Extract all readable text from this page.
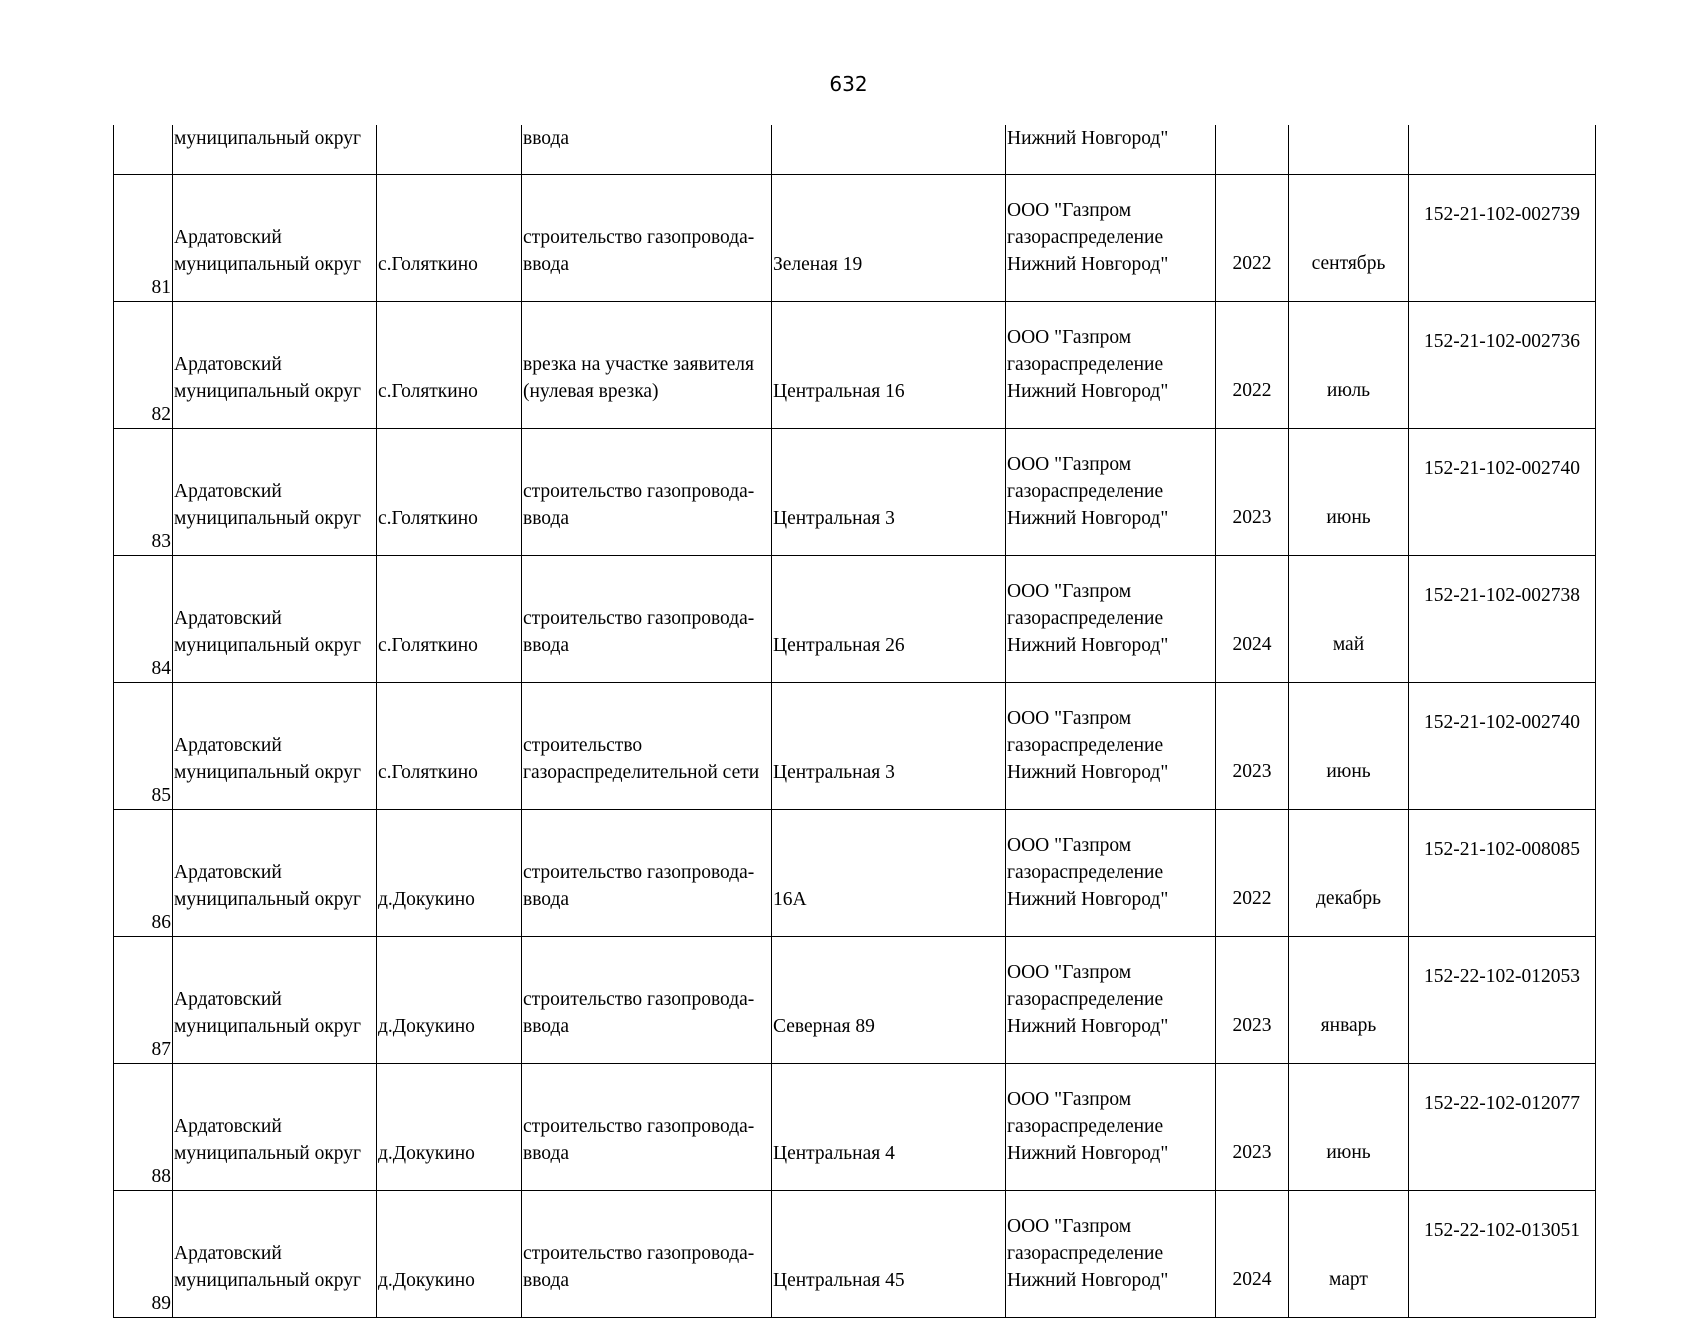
632

	муниципальный округ		ввода		Нижний Новгород"			

81	Ардатовский
муниципальный округ	с.Голяткино	строительство газопровода-
ввода	Зеленая 19	ООО "Газпром
газораспределение
Нижний Новгород"	2022	сентябрь	152-21-102-002739

82	Ардатовский
муниципальный округ	с.Голяткино	врезка на участке заявителя
(нулевая врезка)	Центральная 16	ООО "Газпром
газораспределение
Нижний Новгород"	2022	июль	152-21-102-002736

83	Ардатовский
муниципальный округ	с.Голяткино	строительство газопровода-
ввода	Центральная 3	ООО "Газпром
газораспределение
Нижний Новгород"	2023	июнь	152-21-102-002740

84	Ардатовский
муниципальный округ	с.Голяткино	строительство газопровода-
ввода	Центральная 26	ООО "Газпром
газораспределение
Нижний Новгород"	2024	май	152-21-102-002738

85	Ардатовский
муниципальный округ	с.Голяткино	строительство
газораспределительной сети	Центральная 3	ООО "Газпром
газораспределение
Нижний Новгород"	2023	июнь	152-21-102-002740

86	Ардатовский
муниципальный округ	д.Докукино	строительство газопровода-
ввода	16А	ООО "Газпром
газораспределение
Нижний Новгород"	2022	декабрь	152-21-102-008085

87	Ардатовский
муниципальный округ	д.Докукино	строительство газопровода-
ввода	Северная 89	ООО "Газпром
газораспределение
Нижний Новгород"	2023	январь	152-22-102-012053

88	Ардатовский
муниципальный округ	д.Докукино	строительство газопровода-
ввода	Центральная 4	ООО "Газпром
газораспределение
Нижний Новгород"	2023	июнь	152-22-102-012077

89	Ардатовский
муниципальный округ	д.Докукино	строительство газопровода-
ввода	Центральная 45	ООО "Газпром
газораспределение
Нижний Новгород"	2024	март	152-22-102-013051
